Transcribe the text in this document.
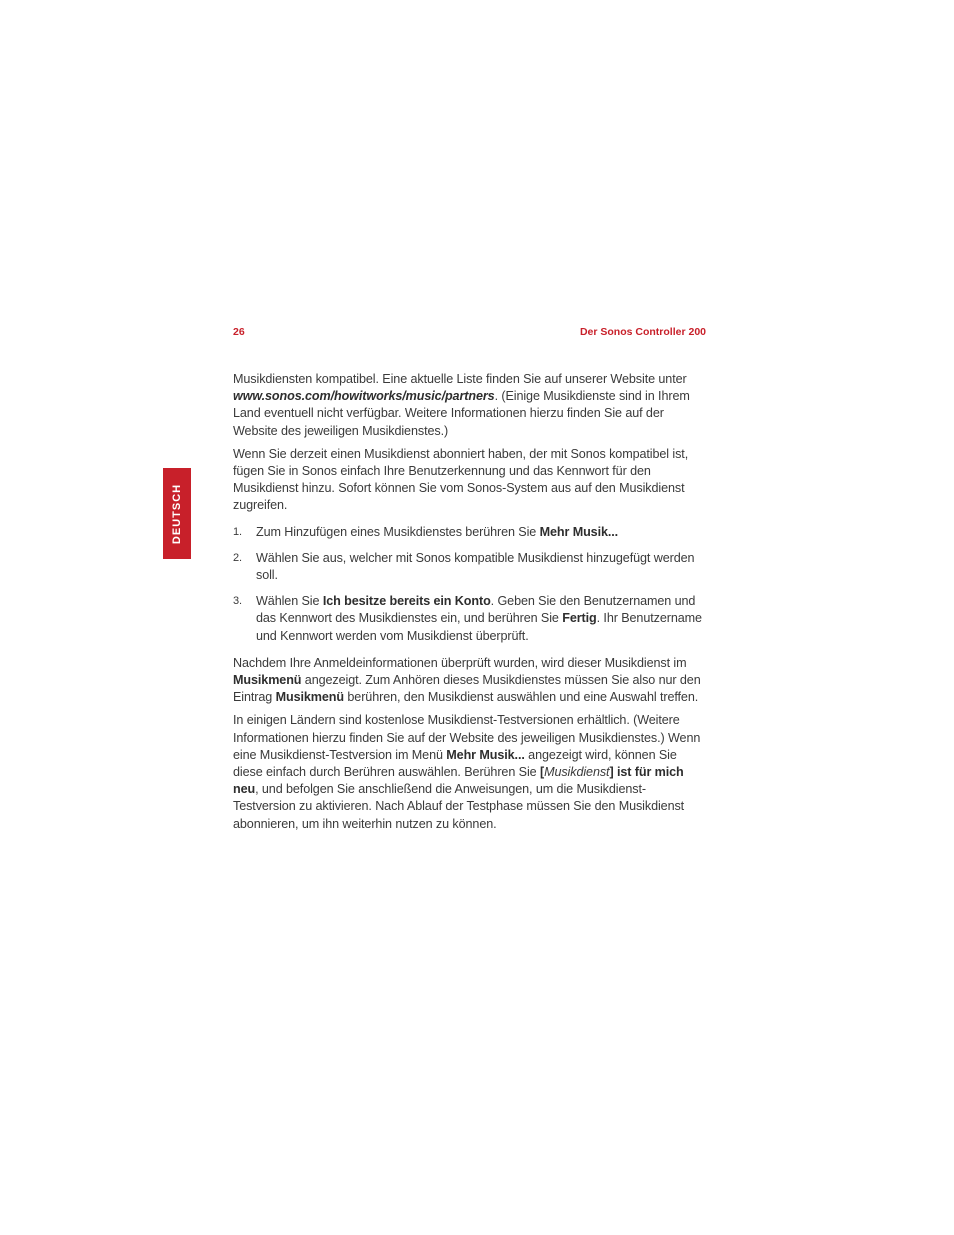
26	Der Sonos Controller 200
DEUTSCH

Musikdiensten kompatibel. Eine aktuelle Liste finden Sie auf unserer Website unter www.sonos.com/howitworks/music/partners. (Einige Musikdienste sind in Ihrem Land eventuell nicht verfügbar. Weitere Informationen hierzu finden Sie auf der Website des jeweiligen Musikdienstes.)

Wenn Sie derzeit einen Musikdienst abonniert haben, der mit Sonos kompatibel ist, fügen Sie in Sonos einfach Ihre Benutzerkennung und das Kennwort für den Musikdienst hinzu. Sofort können Sie vom Sonos-System aus auf den Musikdienst zugreifen.

1. Zum Hinzufügen eines Musikdienstes berühren Sie Mehr Musik...
2. Wählen Sie aus, welcher mit Sonos kompatible Musikdienst hinzugefügt werden soll.
3. Wählen Sie Ich besitze bereits ein Konto. Geben Sie den Benutzernamen und das Kennwort des Musikdienstes ein, und berühren Sie Fertig. Ihr Benutzername und Kennwort werden vom Musikdienst überprüft.

Nachdem Ihre Anmeldeinformationen überprüft wurden, wird dieser Musikdienst im Musikmenü angezeigt. Zum Anhören dieses Musikdienstes müssen Sie also nur den Eintrag Musikmenü berühren, den Musikdienst auswählen und eine Auswahl treffen.

In einigen Ländern sind kostenlose Musikdienst-Testversionen erhältlich. (Weitere Informationen hierzu finden Sie auf der Website des jeweiligen Musikdienstes.) Wenn eine Musikdienst-Testversion im Menü Mehr Musik... angezeigt wird, können Sie diese einfach durch Berühren auswählen. Berühren Sie [Musikdienst] ist für mich neu, und befolgen Sie anschließend die Anweisungen, um die Musikdienst-Testversion zu aktivieren. Nach Ablauf der Testphase müssen Sie den Musikdienst abonnieren, um ihn weiterhin nutzen zu können.
